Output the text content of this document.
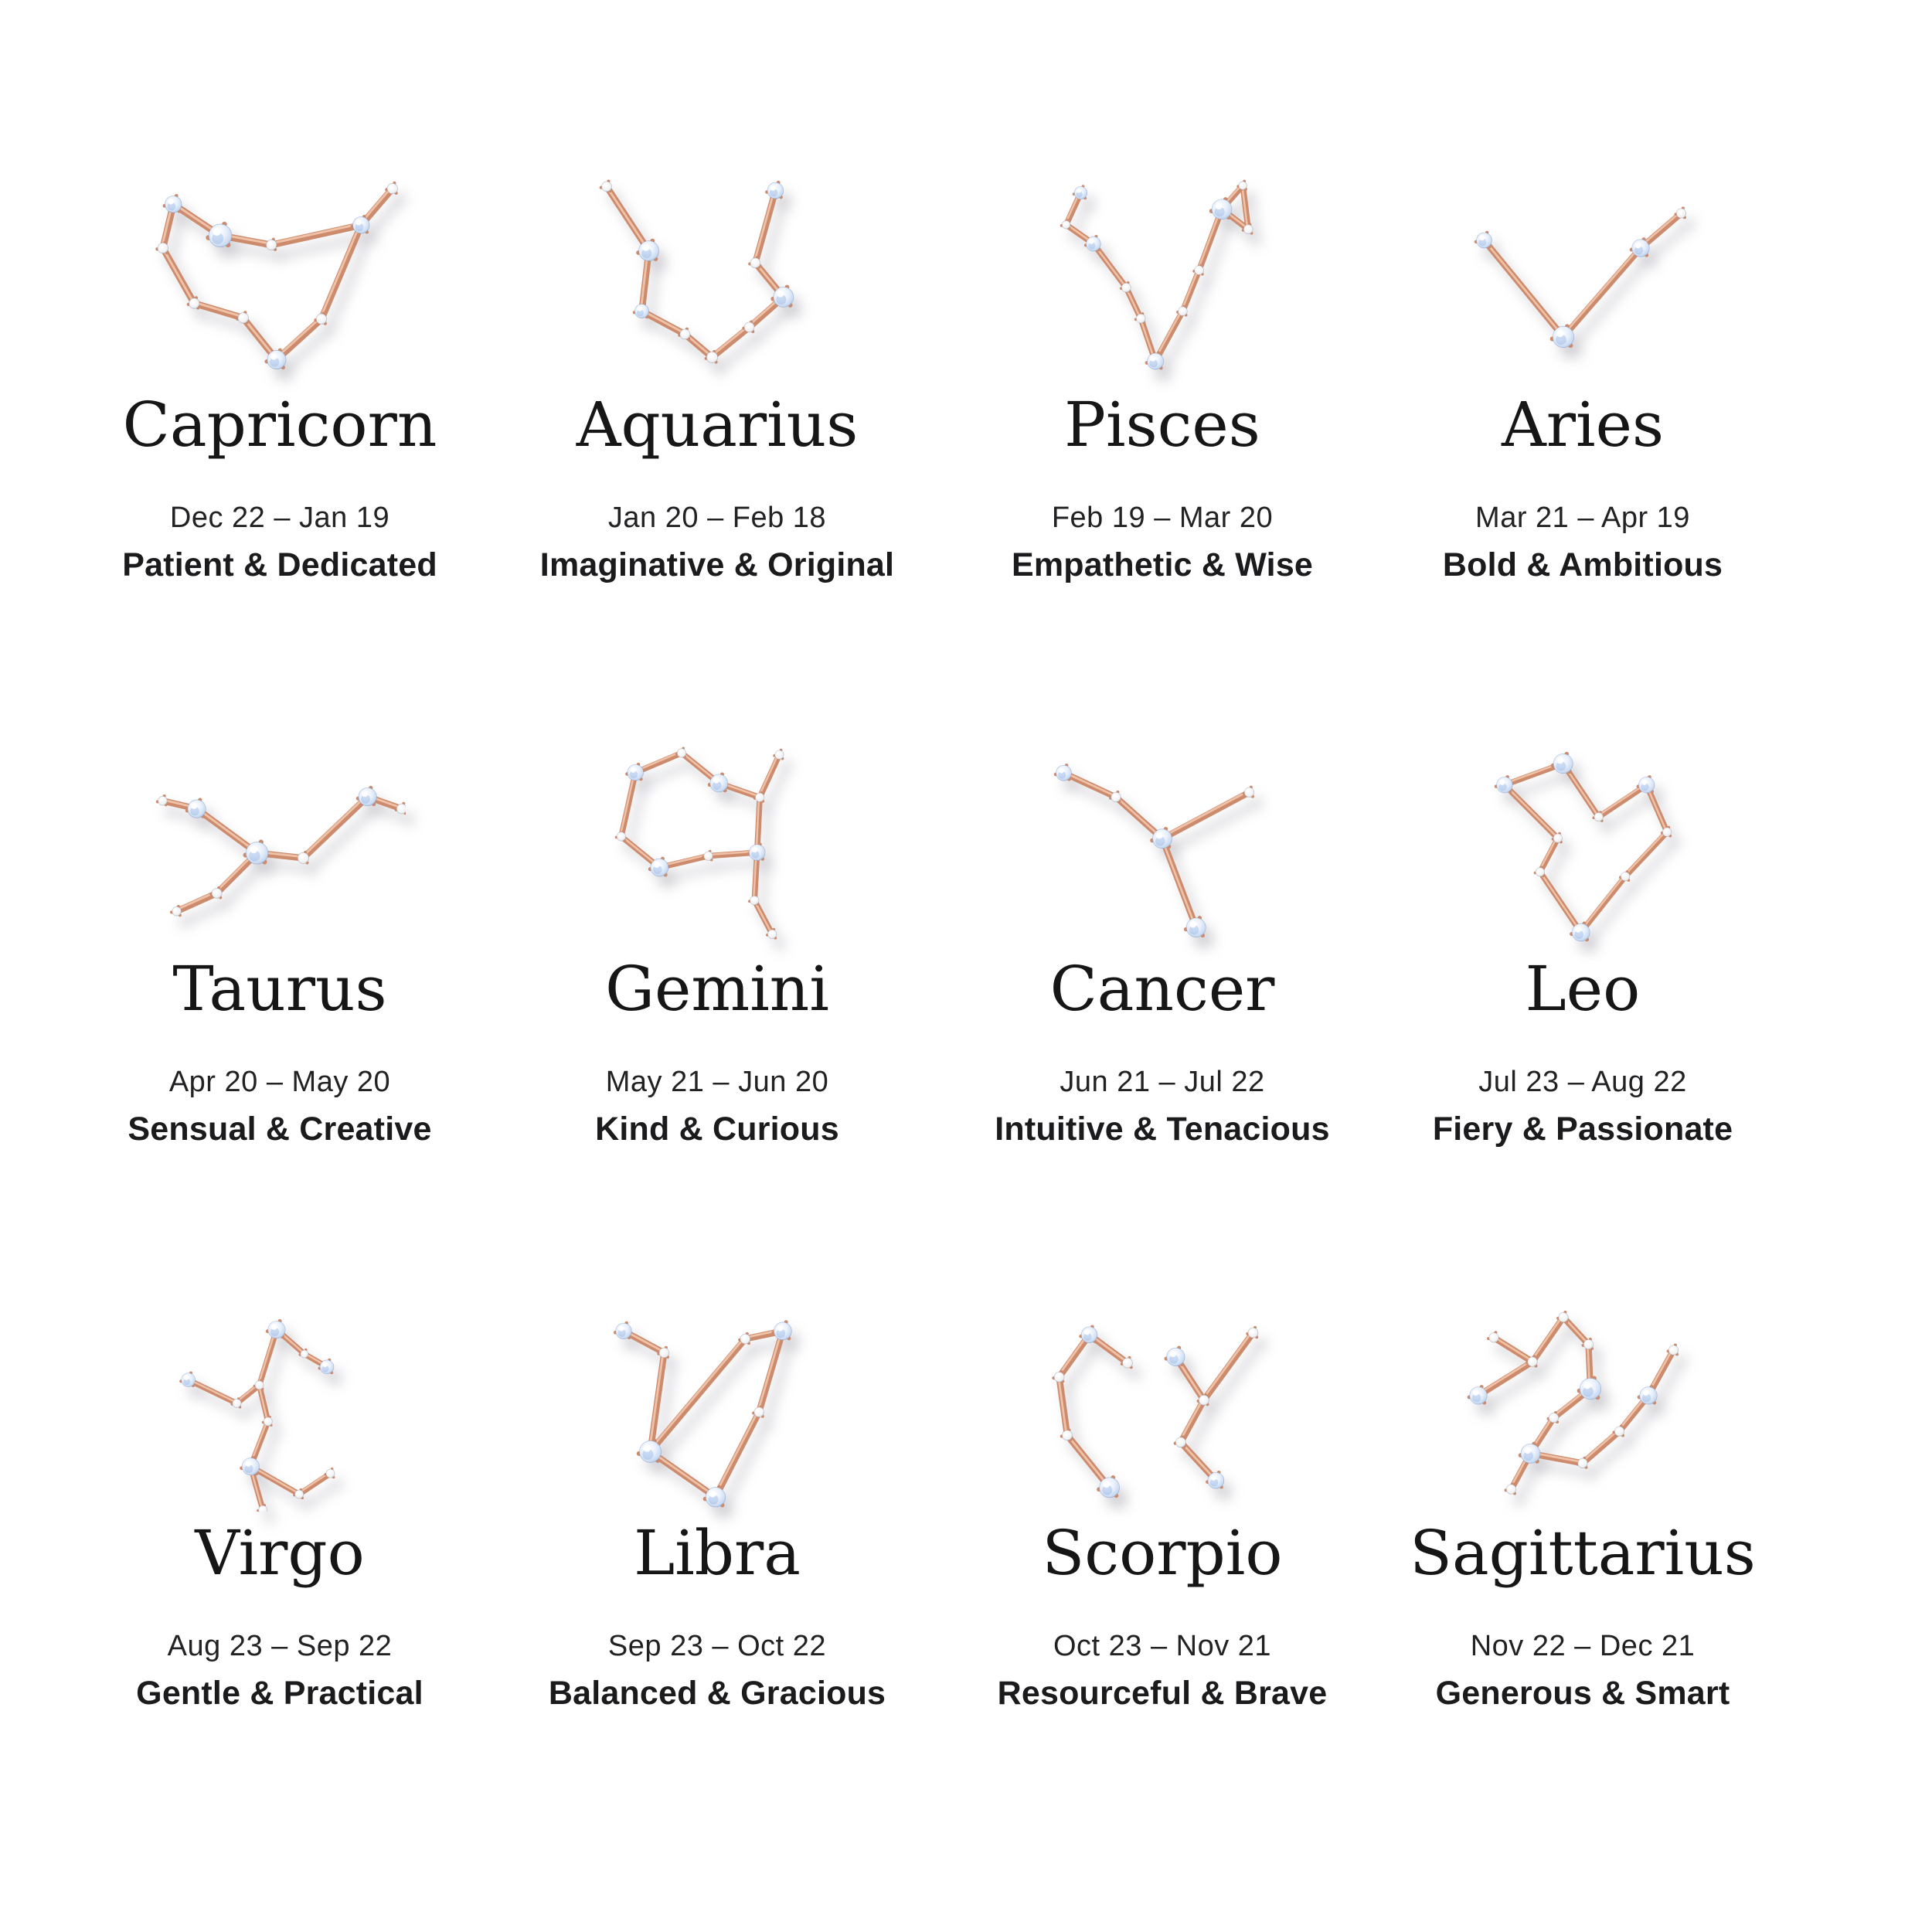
Capricorn
Dec 22 – Jan 19
Patient & Dedicated
Aquarius
Jan 20 – Feb 18
Imaginative & Original
Pisces
Feb 19 – Mar 20
Empathetic & Wise
Aries
Mar 21 – Apr 19
Bold & Ambitious
Taurus
Apr 20 – May 20
Sensual & Creative
Gemini
May 21 – Jun 20
Kind & Curious
Cancer
Jun 21 – Jul 22
Intuitive & Tenacious
Leo
Jul 23 – Aug 22
Fiery & Passionate
Virgo
Aug 23 – Sep 22
Gentle & Practical
Libra
Sep 23 – Oct 22
Balanced & Gracious
Scorpio
Oct 23 – Nov 21
Resourceful & Brave
Sagittarius
Nov 22 – Dec 21
Generous & Smart
